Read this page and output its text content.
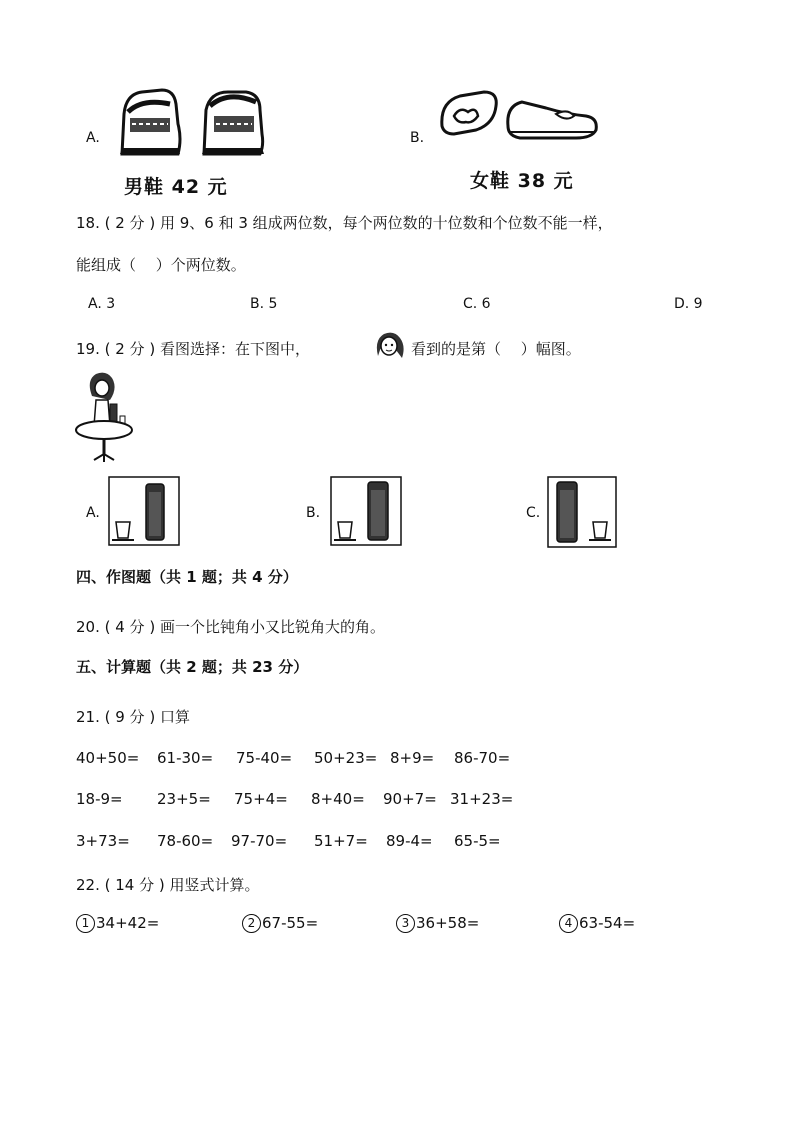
A.
男鞋 42 元
B.
女鞋 38 元
18. ( 2 分 ) 用 9、6 和 3 组成两位数，每个两位数的十位数和个位数不能一样，
能组成（　 ）个两位数。
A. 3	B. 5	C. 6	D. 9
19. ( 2 分 ) 看图选择：在下图中，	看到的是第（　 ）幅图。
A.	B.	C.
四、作图题（共 1 题；共 4 分）
20. ( 4 分 ) 画一个比钝角小又比锐角大的角。
五、计算题（共 2 题；共 23 分）
21. ( 9 分 ) 口算
40+50= 61-30= 75-40= 50+23= 8+9= 86-70=
18-9= 23+5= 75+4= 8+40= 90+7= 31+23=
3+73= 78-60= 97-70= 51+7= 89-4= 65-5=
22. ( 14 分 ) 用竖式计算。
1 34+42=	2 67-55=	3 36+58=	4 63-54=
